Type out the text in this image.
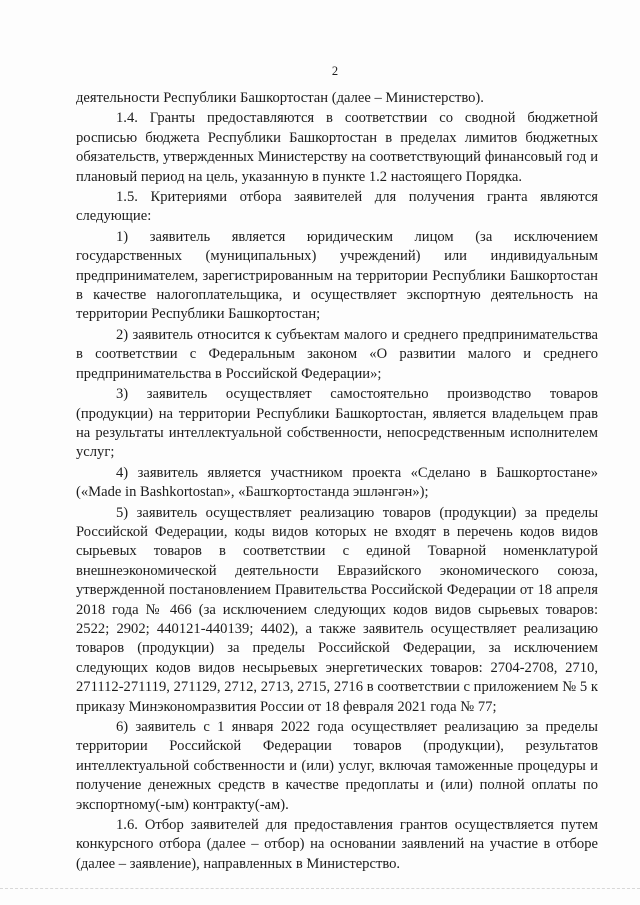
2

деятельности Республики Башкортостан (далее – Министерство).

1.4. Гранты предоставляются в соответствии со сводной бюджетной росписью бюджета Республики Башкортостан в пределах лимитов бюджетных обязательств, утвержденных Министерству на соответствующий финансовый год и плановый период на цель, указанную в пункте 1.2 настоящего Порядка.

1.5. Критериями отбора заявителей для получения гранта являются следующие:

1) заявитель является юридическим лицом (за исключением государственных (муниципальных) учреждений) или индивидуальным предпринимателем, зарегистрированным на территории Республики Башкортостан в качестве налогоплательщика, и осуществляет экспортную деятельность на территории Республики Башкортостан;

2) заявитель относится к субъектам малого и среднего предпринимательства в соответствии с Федеральным законом «О развитии малого и среднего предпринимательства в Российской Федерации»;

3) заявитель осуществляет самостоятельно производство товаров (продукции) на территории Республики Башкортостан, является владельцем прав на результаты интеллектуальной собственности, непосредственным исполнителем услуг;

4) заявитель является участником проекта «Сделано в Башкортостане» («Made in Bashkortostan», «Башҡортостанда эшләнгән»);

5) заявитель осуществляет реализацию товаров (продукции) за пределы Российской Федерации, коды видов которых не входят в перечень кодов видов сырьевых товаров в соответствии с единой Товарной номенклатурой внешнеэкономической деятельности Евразийского экономического союза, утвержденной постановлением Правительства Российской Федерации от 18 апреля 2018 года № 466 (за исключением следующих кодов видов сырьевых товаров: 2522; 2902; 440121-440139; 4402), а также заявитель осуществляет реализацию товаров (продукции) за пределы Российской Федерации, за исключением следующих кодов видов несырьевых энергетических товаров: 2704-2708, 2710, 271112-271119, 271129, 2712, 2713, 2715, 2716 в соответствии с приложением № 5 к приказу Минэкономразвития России от 18 февраля 2021 года № 77;

6) заявитель с 1 января 2022 года осуществляет реализацию за пределы территории Российской Федерации товаров (продукции), результатов интеллектуальной собственности и (или) услуг, включая таможенные процедуры и получение денежных средств в качестве предоплаты и (или) полной оплаты по экспортному(-ым) контракту(-ам).

1.6. Отбор заявителей для предоставления грантов осуществляется путем конкурсного отбора (далее – отбор) на основании заявлений на участие в отборе (далее – заявление), направленных в Министерство.
